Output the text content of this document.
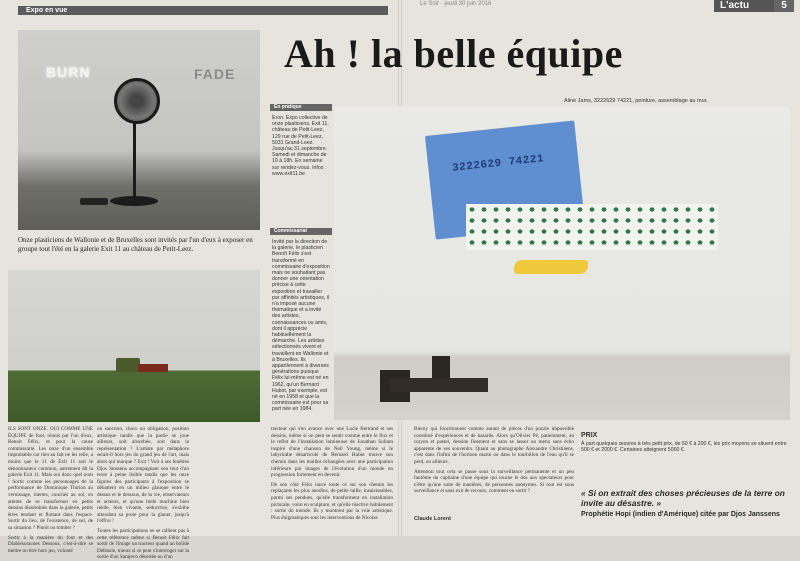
Expo en vue
Le Soir · jeudi 30 juin 2016	L'actu	5
BURN	FADE
Onze plasticiens de Wallonie et de Bruxelles sont invités par l'un d'eux à exposer en groupe tout l'été en la galerie Exit 11 au château de Petit-Leez.
ILS SONT ONZE. OUI COMME UNE ÉQUIPE de foot, réunis par l'un d'eux, Benoit Félix, et pour la cause commissarié. Les onze d'un ensemble improbable car rien au fait ne les relie, a moins que le 11 de Exit 11 soit le dénominateur commun, autrement dit la galerie Exit 11. Mais oui donc quel nom ! Sortir comme les personnages de la performance de Dominique Thirion au vernissage, inertes, couchés au sol, en attente de se transformer en petits dessins disséminés dans la galerie, petits êtres tendant et flottant dans l'espace. Sortir du lieu, de l'existence, de soi, de sa situation ? Plutôt ou tomber ?
Sortir à la manière du foot et des Diablesoracnes Dessous, c'est-à-dire se mettre ou être hors jeu, volonté
ou sanction, choix ou obligation, position artistique tandis que la partie se joue ailleurs, soit absorbée, soit dans la représentation ? L'artiste par métaphore serait-il hors jeu du grand jeu de l'art, mais alors qui marque ? Exit ! Voir à ses fenêtres Djos Janssens accompagnant son tout d'un texte à peine lisible tandis que les onze figures des participants à l'exposition se débattent en un milieu glauque entre le dessus et le dessous, de la vie, observateurs et acteurs, et qu'une belle machine bien réelle, bien vivante, séductrice, s'exhibe attendant sa proie pour la glaner, jusqu'à l'effroi !
Toutes les participations ne se rallient pas à cette référence même si Benoit Félix fait sortir de l'image un tracteur quand un bolide Delbasie, mieux si ce peut s'interroger sur la sortie d'un Sarajevo désertée ou d'un
tracteur qui s'en avance avec une Lucie Bertrand et ses dessins, même si on peut se sentir comme entre le flux et le reflet de l'installation lumineuse de Jonathan Sullam inspiré d'une chanson de Neil Young, même si le labyrinthe désarticulé de Bernard Hubot trouve son chemin dans les mailles échangées avec une participation inférieure par images de l'évolution d'un monde en progression fortement en devenir.
De son côté Félix lance toute ce sur son chemin les replaçants les plus anodins, de petite taille, insaisissables, parmi ses pendues, qu'elle transforment en installation picturale, voire en sculpture, et qu'elle réactive habilement : sortie du monde. Ils y montrent par la voie artistique. Plus énigmatiques sont les interventions de Nicolas
Ah ! la belle équipe
Aline Jams, 3222629 74221, peinture, assemblage au mur.
En pratique
Eron. Expo collective de onze plasticiens. Exit 11, château de Petit-Leez, 129 rue de Petit-Leez, 5031 Grand-Leez. Jusqu'au 31 septembre. Samedi et dimanche de 10 à 18h. En semaine sur rendez-vous. Infos : www.exit11.be
Commissariat
Invité par la direction de la galerie, le plasticien Benoît Félix s'est transformé en commissaire d'exposition mais ne souhaitant pas donner une orientation précise à cette exposition et travailler par affinités artistiques, il n'a imposé aucune thématique et a invité des artistes, connaissances ou amis, dont il apprécie habituellement la démarche. Les artistes sélectionnés vivent et travaillent en Wallonie et à Bruxelles. Ils appartiennent à diverses générations puisque Félix lui-même est né en 1962, qu'un Bernard Hubot, par exemple, est né en 1958 et que la commissaire est pour sa part née en 1984.
3222629 74221
Bierny qui fonctionnent comme autant de pièces d'un puzzle impossible constitué d'expériences et de hasards. Alors qu'Olivier Pé, patiemment, au crayon et pastel, dessine finement et sans se lasser un menu sans écho apparente de ses souvenirs. Quant au photographe Alexandre Christiaens, c'est dans l'infini de l'horizon marin ou dans le tourbillon de l'eau qu'il se perd, ou ailleurs.
Attention tout cela se passe sous la surveillance permanente et un peu fantôme du capitaine d'une équipe qui tourne le dos aux spectateurs pour n'être qu'une suite de manières, de personnes anonymes. Si tout est sous surveillance et sans exit de recours, comment en sortir ?
Claude Lorent
PRIX
À part quelques œuvres à très petit prix, de 50 € à 200 €, les prix moyens se situent entre 500 € et 2000 €. Certaines atteignent 5000 €.
« Si on extrait des choses précieuses de la terre on invite au désastre. »
Prophétie Hopi (indien d'Amérique) citée par Djos Janssens
